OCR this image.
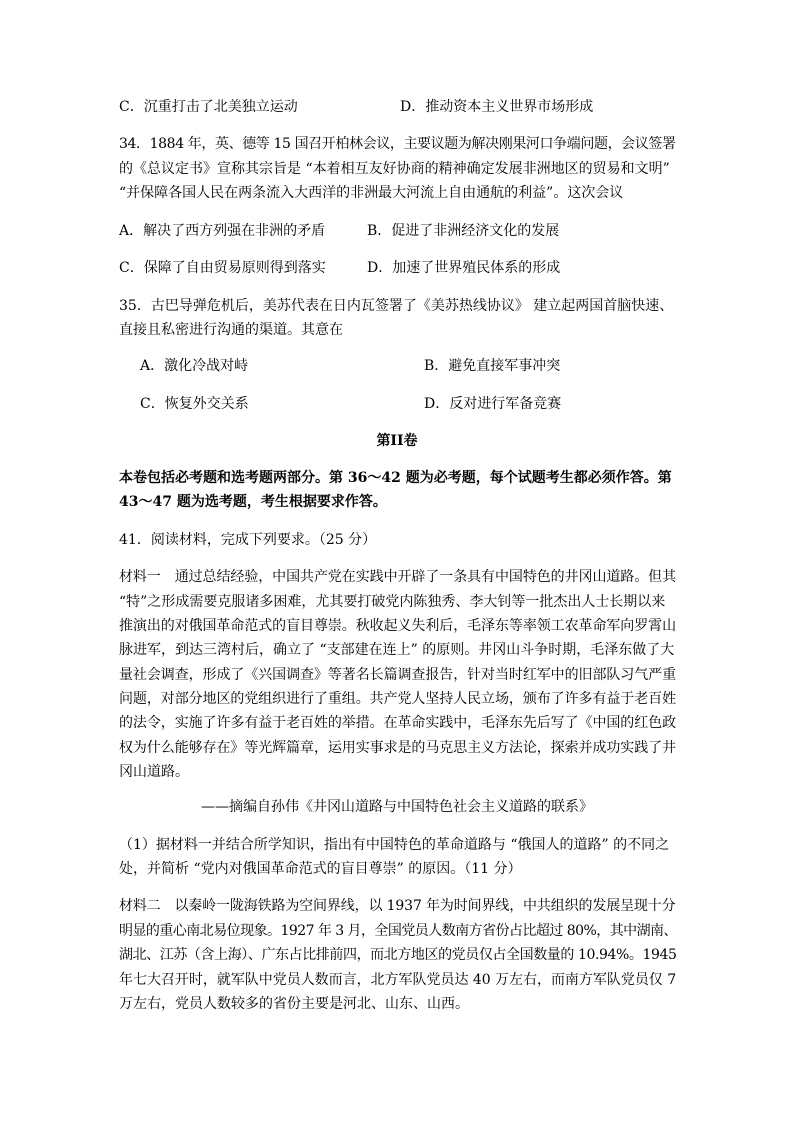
C．沉重打击了北美独立运动	D．推动资本主义世界市场形成
34．1884 年，英、德等 15 国召开柏林会议，主要议题为解决刚果河口争端问题，会议签署
的《总议定书》宣称其宗旨是 “本着相互友好协商的精神确定发展非洲地区的贸易和文明”
“并保障各国人民在两条流入大西洋的非洲最大河流上自由通航的利益”。这次会议
A．解决了西方列强在非洲的矛盾	B．促进了非洲经济文化的发展
C．保障了自由贸易原则得到落实	D．加速了世界殖民体系的形成
35．古巴导弹危机后，美苏代表在日内瓦签署了《美苏热线协议》 建立起两国首脑快速、
直接且私密进行沟通的渠道。其意在
A．激化冷战对峙	B．避免直接军事冲突
C．恢复外交关系	D．反对进行军备竞赛
第II卷
本卷包括必考题和选考题两部分。第 36～42 题为必考题，每个试题考生都必须作答。第
43～47 题为选考题，考生根据要求作答。
41．阅读材料，完成下列要求。（25 分）
材料一　通过总结经验，中国共产党在实践中开辟了一条具有中国特色的井冈山道路。但其
“特”之形成需要克服诸多困难，尤其要打破党内陈独秀、李大钊等一批杰出人士长期以来
推演出的对俄国革命范式的盲目尊崇。秋收起义失利后，毛泽东等率领工农革命军向罗霄山
脉进军，到达三湾村后，确立了 “支部建在连上” 的原则。井冈山斗争时期，毛泽东做了大
量社会调查，形成了《兴国调查》等著名长篇调查报告，针对当时红军中的旧部队习气严重
问题，对部分地区的党组织进行了重组。共产党人坚持人民立场，颁布了许多有益于老百姓
的法令，实施了许多有益于老百姓的举措。在革命实践中，毛泽东先后写了《中国的红色政
权为什么能够存在》等光辉篇章，运用实事求是的马克思主义方法论，探索并成功实践了井
冈山道路。
——摘编自孙伟《井冈山道路与中国特色社会主义道路的联系》
（1）据材料一并结合所学知识，指出有中国特色的革命道路与 “俄国人的道路” 的不同之
处，并简析 “党内对俄国革命范式的盲目尊崇” 的原因。（11 分）
材料二　以秦岭一陇海铁路为空间界线，以 1937 年为时间界线，中共组织的发展呈现十分
明显的重心南北易位现象。1927 年 3 月，全国党员人数南方省份占比超过 80%，其中湖南、
湖北、江苏（含上海）、广东占比排前四，而北方地区的党员仅占全国数量的 10.94%。1945
年七大召开时，就军队中党员人数而言，北方军队党员达 40 万左右，而南方军队党员仅 7
万左右，党员人数较多的省份主要是河北、山东、山西。
